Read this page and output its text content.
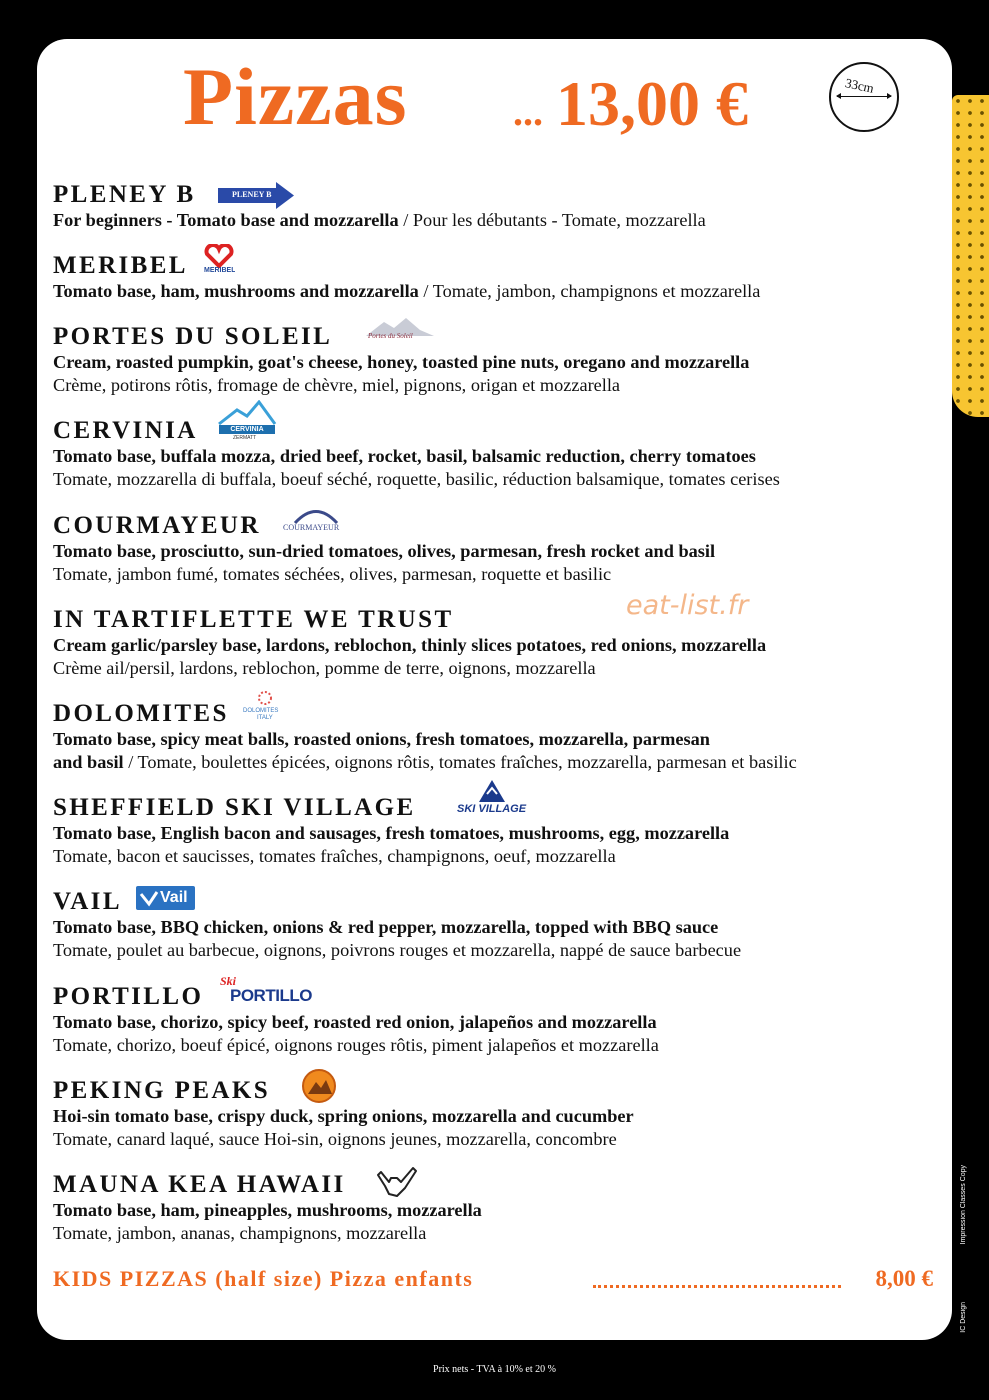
Impression Classes Copy
IC Design
Pizzas	... 13,00 €	33cm
PLENEY B
For beginners - Tomato base and mozzarella / Pour les débutants - Tomate, mozzarella
PLENEY B
MERIBEL
Tomato base, ham, mushrooms and mozzarella / Tomate, jambon, champignons et mozzarella
MERIBEL
PORTES DU SOLEIL
Cream, roasted pumpkin, goat's cheese, honey, toasted pine nuts, oregano and mozzarella
Crème, potirons rôtis, fromage de chèvre, miel, pignons, origan et mozzarella
Portes du Soleil
CERVINIA
Tomato base, buffala mozza, dried beef, rocket, basil, balsamic reduction, cherry tomatoes
Tomate, mozzarella di buffala, boeuf séché, roquette, basilic, réduction balsamique, tomates cerises
CERVINIA
ZERMATT
COURMAYEUR
Tomato base, prosciutto, sun-dried tomatoes, olives, parmesan, fresh rocket and basil
Tomate, jambon fumé, tomates séchées, olives, parmesan, roquette et basilic
COURMAYEUR
IN TARTIFLETTE WE TRUST
Cream garlic/parsley base, lardons, reblochon, thinly slices potatoes, red onions, mozzarella
Crème ail/persil, lardons, reblochon, pomme de terre, oignons, mozzarella
eat-list.fr
DOLOMITES
Tomato base, spicy meat balls, roasted onions, fresh tomatoes, mozzarella, parmesan
and basil / Tomate, boulettes épicées, oignons rôtis, tomates fraîches, mozzarella, parmesan et basilic
DOLOMITES
ITALY
SHEFFIELD SKI VILLAGE
Tomato base, English bacon and sausages, fresh tomatoes, mushrooms, egg, mozzarella
Tomate, bacon et saucisses, tomates fraîches, champignons, oeuf, mozzarella
SKI VILLAGE
VAIL
Tomato base, BBQ chicken, onions & red pepper, mozzarella, topped with BBQ sauce
Tomate, poulet au barbecue, oignons, poivrons rouges et mozzarella, nappé de sauce barbecue
Vail
PORTILLO
Tomato base, chorizo, spicy beef, roasted red onion, jalapeños and mozzarella
Tomate, chorizo, boeuf épicé, oignons rouges rôtis, piment jalapeños et mozzarella
Ski
PORTILLO
PEKING PEAKS
Hoi-sin tomato base, crispy duck, spring onions, mozzarella and cucumber
Tomate, canard laqué, sauce Hoi-sin, oignons jeunes, mozzarella, concombre
MAUNA KEA HAWAII
Tomato base, ham, pineapples, mushrooms, mozzarella
Tomate, jambon, ananas, champignons, mozzarella
KIDS PIZZAS (half size) Pizza enfants	8,00 €
Prix nets - TVA à 10% et 20 %
